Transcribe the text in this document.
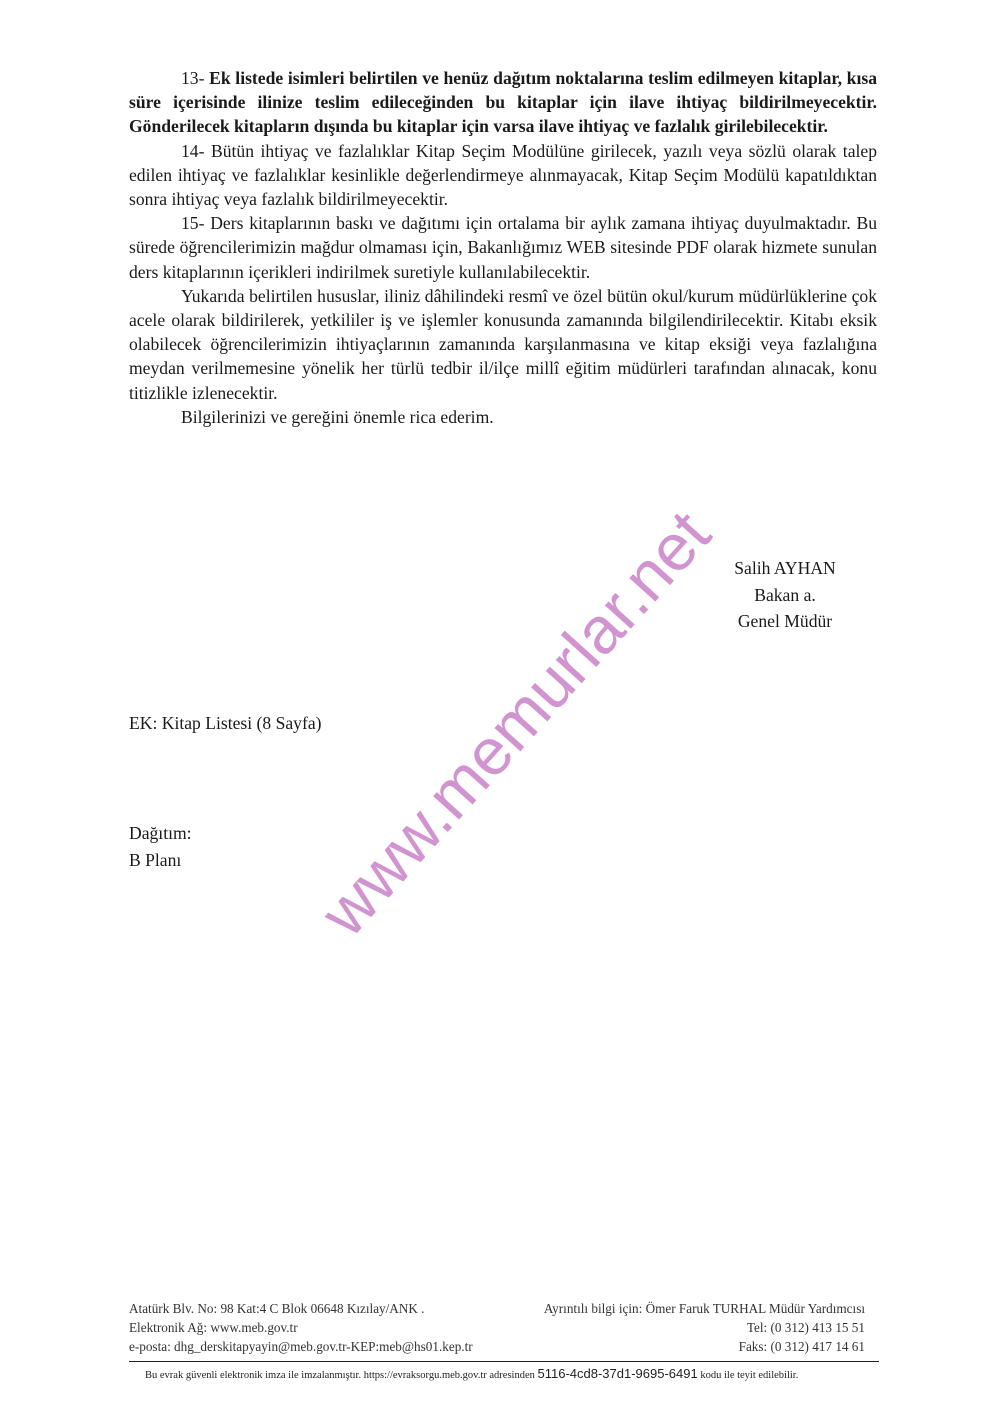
13- Ek listede isimleri belirtilen ve henüz dağıtım noktalarına teslim edilmeyen kitaplar, kısa süre içerisinde ilinize teslim edileceğinden bu kitaplar için ilave ihtiyaç bildirilmeyecektir. Gönderilecek kitapların dışında bu kitaplar için varsa ilave ihtiyaç ve fazlalık girilebilecektir.

14- Bütün ihtiyaç ve fazlalıklar Kitap Seçim Modülüne girilecek, yazılı veya sözlü olarak talep edilen ihtiyaç ve fazlalıklar kesinlikle değerlendirmeye alınmayacak, Kitap Seçim Modülü kapatıldıktan sonra ihtiyaç veya fazlalık bildirilmeyecektir.

15- Ders kitaplarının baskı ve dağıtımı için ortalama bir aylık zamana ihtiyaç duyulmaktadır. Bu sürede öğrencilerimizin mağdur olmaması için, Bakanlığımız WEB sitesinde PDF olarak hizmete sunulan ders kitaplarının içerikleri indirilmek suretiyle kullanılabilecektir.

Yukarıda belirtilen hususlar, iliniz dâhilindeki resmî ve özel bütün okul/kurum müdürlüklerine çok acele olarak bildirilerek, yetkililer iş ve işlemler konusunda zamanında bilgilendirilecektir. Kitabı eksik olabilecek öğrencilerimizin ihtiyaçlarının zamanında karşılanmasına ve kitap eksiği veya fazlalığına meydan verilmemesine yönelik her türlü tedbir il/ilçe millî eğitim müdürleri tarafından alınacak, konu titizlikle izlenecektir.

Bilgilerinizi ve gereğini önemle rica ederim.

Salih AYHAN
Bakan a.
Genel Müdür
EK: Kitap Listesi (8 Sayfa)
Dağıtım:
B Planı www.memurlar.net
Atatürk Blv. No: 98 Kat:4 C Blok 06648 Kızılay/ANK .	Ayrıntılı bilgi için: Ömer Faruk TURHAL Müdür Yardımcısı
Elektronik Ağ: www.meb.gov.tr	Tel: (0 312) 413 15 51
e-posta: dhg_derskitapyayin@meb.gov.tr-KEP:meb@hs01.kep.tr	Faks: (0 312) 417 14 61
Bu evrak güvenli elektronik imza ile imzalanmıştır. https://evraksorgu.meb.gov.tr adresinden 5116-4cd8-37d1-9695-6491 kodu ile teyit edilebilir.
